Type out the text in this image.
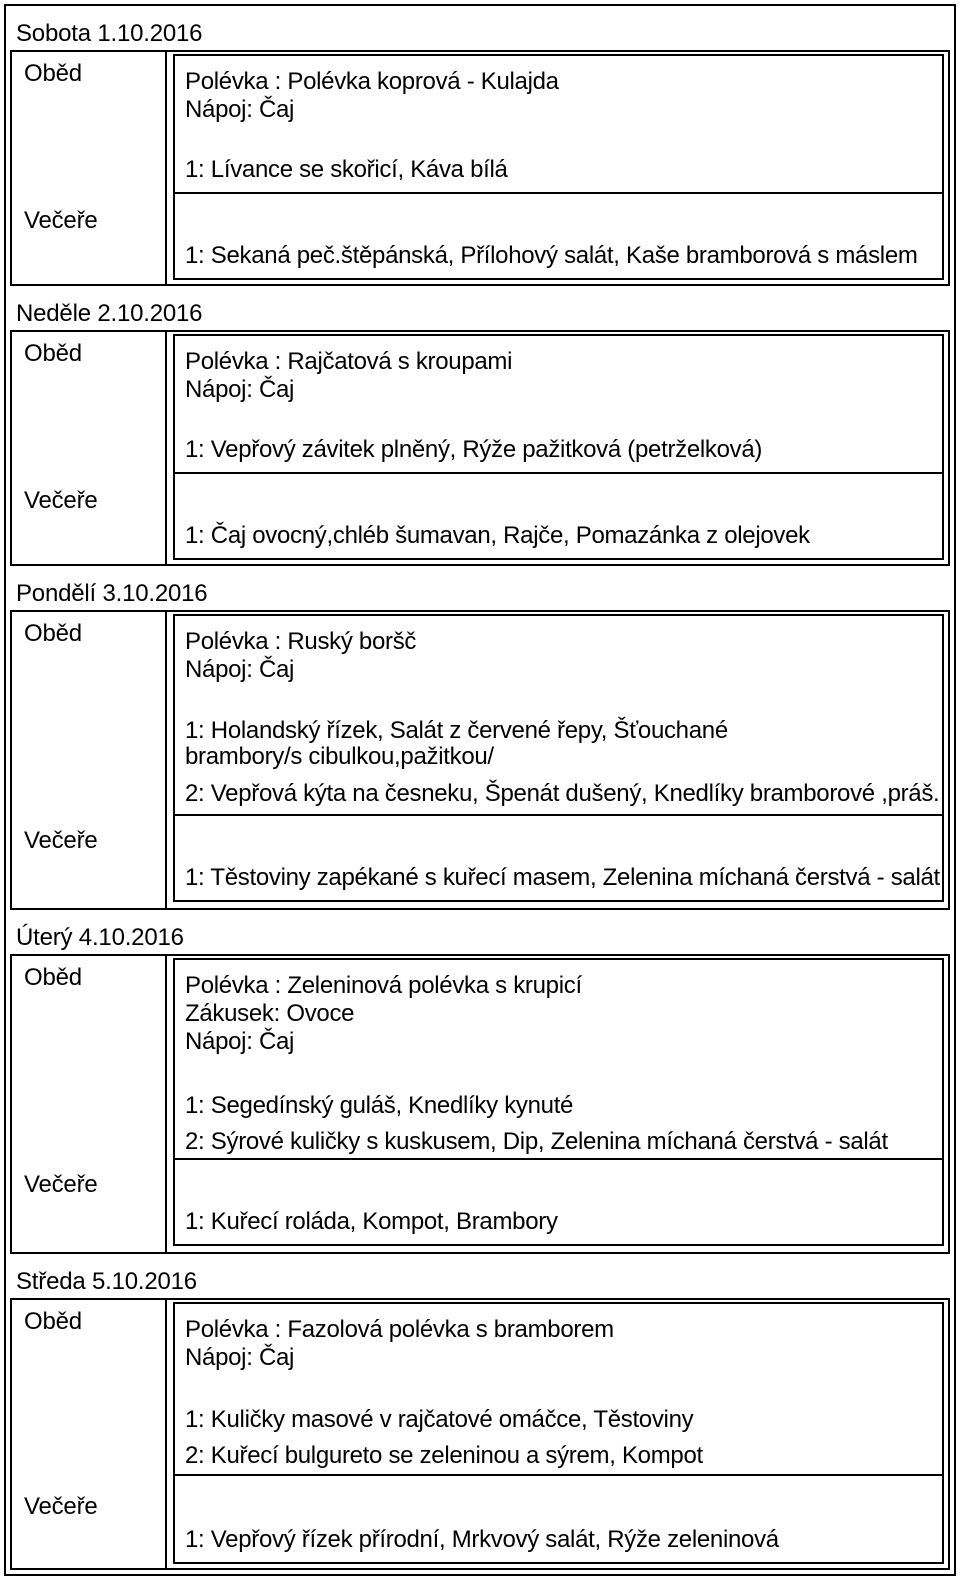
Sobota 1.10.2016
Oběd
Večeře
Polévka : Polévka koprová - Kulajda
Nápoj: Čaj
1: Lívance se skořicí, Káva bílá
1: Sekaná peč.štěpánská, Přílohový salát, Kaše bramborová s máslem
Neděle 2.10.2016
Oběd
Večeře
Polévka : Rajčatová s kroupami
Nápoj: Čaj
1: Vepřový závitek plněný, Rýže pažitková (petrželková)
1: Čaj ovocný,chléb šumavan, Rajče, Pomazánka z olejovek
Pondělí 3.10.2016
Oběd
Večeře
Polévka : Ruský boršč
Nápoj: Čaj
1: Holandský řízek, Salát z červené řepy, Šťouchané brambory/s cibulkou,pažitkou/
2: Vepřová kýta na česneku, Špenát dušený, Knedlíky bramborové ,práš.
1: Těstoviny zapékané s kuřecí masem, Zelenina míchaná čerstvá - salát
Úterý 4.10.2016
Oběd
Večeře
Polévka : Zeleninová polévka s krupicí
Zákusek: Ovoce
Nápoj: Čaj
1: Segedínský guláš, Knedlíky kynuté
2: Sýrové kuličky s kuskusem, Dip, Zelenina míchaná čerstvá - salát
1: Kuřecí roláda, Kompot, Brambory
Středa 5.10.2016
Oběd
Večeře
Polévka : Fazolová polévka s bramborem
Nápoj: Čaj
1: Kuličky masové v rajčatové omáčce, Těstoviny
2: Kuřecí bulgureto se zeleninou a sýrem, Kompot
1: Vepřový řízek přírodní, Mrkvový salát, Rýže zeleninová
